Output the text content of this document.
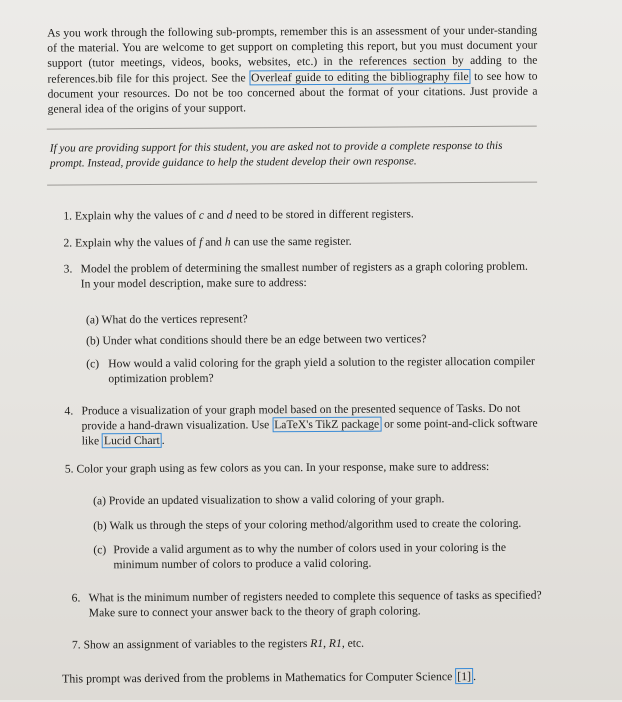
As you work through the following sub-prompts, remember this is an assessment of your under-standing of the material. You are welcome to get support on completing this report, but you must document your support (tutor meetings, videos, books, websites, etc.) in the references section by adding to the references.bib file for this project. See the Overleaf guide to editing the bibliography file to see how to document your resources. Do not be too concerned about the format of your citations. Just provide a general idea of the origins of your support.
If you are providing support for this student, you are asked not to provide a complete response to this prompt. Instead, provide guidance to help the student develop their own response.
1. Explain why the values of c and d need to be stored in different registers.
2. Explain why the values of f and h can use the same register.
3. Model the problem of determining the smallest number of registers as a graph coloring problem. In your model description, make sure to address:
(a) What do the vertices represent?
(b) Under what conditions should there be an edge between two vertices?
(c) How would a valid coloring for the graph yield a solution to the register allocation compiler optimization problem?
4. Produce a visualization of your graph model based on the presented sequence of Tasks. Do not provide a hand-drawn visualization. Use LaTeX's TikZ package or some point-and-click software like Lucid Chart .
5. Color your graph using as few colors as you can. In your response, make sure to address:
(a) Provide an updated visualization to show a valid coloring of your graph.
(b) Walk us through the steps of your coloring method/algorithm used to create the coloring.
(c) Provide a valid argument as to why the number of colors used in your coloring is the minimum number of colors to produce a valid coloring.
6. What is the minimum number of registers needed to complete this sequence of tasks as specified? Make sure to connect your answer back to the theory of graph coloring.
7. Show an assignment of variables to the registers R1, R1, etc.
This prompt was derived from the problems in Mathematics for Computer Science [1] .
